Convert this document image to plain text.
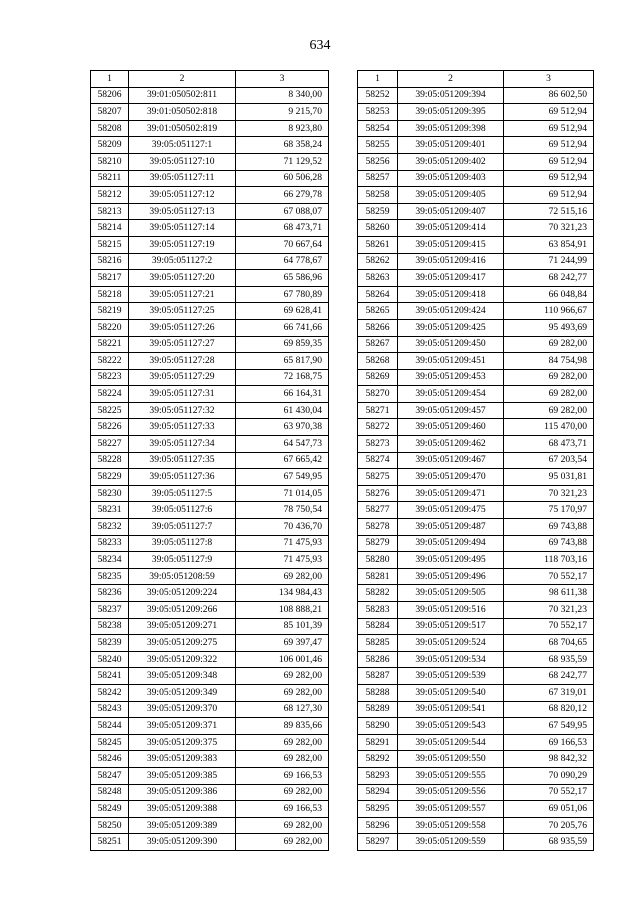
634
1	2	3
58206	39:01:050502:811	8 340,00
58207	39:01:050502:818	9 215,70
58208	39:01:050502:819	8 923,80
58209	39:05:051127:1	68 358,24
58210	39:05:051127:10	71 129,52
58211	39:05:051127:11	60 506,28
58212	39:05:051127:12	66 279,78
58213	39:05:051127:13	67 088,07
58214	39:05:051127:14	68 473,71
58215	39:05:051127:19	70 667,64
58216	39:05:051127:2	64 778,67
58217	39:05:051127:20	65 586,96
58218	39:05:051127:21	67 780,89
58219	39:05:051127:25	69 628,41
58220	39:05:051127:26	66 741,66
58221	39:05:051127:27	69 859,35
58222	39:05:051127:28	65 817,90
58223	39:05:051127:29	72 168,75
58224	39:05:051127:31	66 164,31
58225	39:05:051127:32	61 430,04
58226	39:05:051127:33	63 970,38
58227	39:05:051127:34	64 547,73
58228	39:05:051127:35	67 665,42
58229	39:05:051127:36	67 549,95
58230	39:05:051127:5	71 014,05
58231	39:05:051127:6	78 750,54
58232	39:05:051127:7	70 436,70
58233	39:05:051127:8	71 475,93
58234	39:05:051127:9	71 475,93
58235	39:05:051208:59	69 282,00
58236	39:05:051209:224	134 984,43
58237	39:05:051209:266	108 888,21
58238	39:05:051209:271	85 101,39
58239	39:05:051209:275	69 397,47
58240	39:05:051209:322	106 001,46
58241	39:05:051209:348	69 282,00
58242	39:05:051209:349	69 282,00
58243	39:05:051209:370	68 127,30
58244	39:05:051209:371	89 835,66
58245	39:05:051209:375	69 282,00
58246	39:05:051209:383	69 282,00
58247	39:05:051209:385	69 166,53
58248	39:05:051209:386	69 282,00
58249	39:05:051209:388	69 166,53
58250	39:05:051209:389	69 282,00
58251	39:05:051209:390	69 282,00
1	2	3
58252	39:05:051209:394	86 602,50
58253	39:05:051209:395	69 512,94
58254	39:05:051209:398	69 512,94
58255	39:05:051209:401	69 512,94
58256	39:05:051209:402	69 512,94
58257	39:05:051209:403	69 512,94
58258	39:05:051209:405	69 512,94
58259	39:05:051209:407	72 515,16
58260	39:05:051209:414	70 321,23
58261	39:05:051209:415	63 854,91
58262	39:05:051209:416	71 244,99
58263	39:05:051209:417	68 242,77
58264	39:05:051209:418	66 048,84
58265	39:05:051209:424	110 966,67
58266	39:05:051209:425	95 493,69
58267	39:05:051209:450	69 282,00
58268	39:05:051209:451	84 754,98
58269	39:05:051209:453	69 282,00
58270	39:05:051209:454	69 282,00
58271	39:05:051209:457	69 282,00
58272	39:05:051209:460	115 470,00
58273	39:05:051209:462	68 473,71
58274	39:05:051209:467	67 203,54
58275	39:05:051209:470	95 031,81
58276	39:05:051209:471	70 321,23
58277	39:05:051209:475	75 170,97
58278	39:05:051209:487	69 743,88
58279	39:05:051209:494	69 743,88
58280	39:05:051209:495	118 703,16
58281	39:05:051209:496	70 552,17
58282	39:05:051209:505	98 611,38
58283	39:05:051209:516	70 321,23
58284	39:05:051209:517	70 552,17
58285	39:05:051209:524	68 704,65
58286	39:05:051209:534	68 935,59
58287	39:05:051209:539	68 242,77
58288	39:05:051209:540	67 319,01
58289	39:05:051209:541	68 820,12
58290	39:05:051209:543	67 549,95
58291	39:05:051209:544	69 166,53
58292	39:05:051209:550	98 842,32
58293	39:05:051209:555	70 090,29
58294	39:05:051209:556	70 552,17
58295	39:05:051209:557	69 051,06
58296	39:05:051209:558	70 205,76
58297	39:05:051209:559	68 935,59
